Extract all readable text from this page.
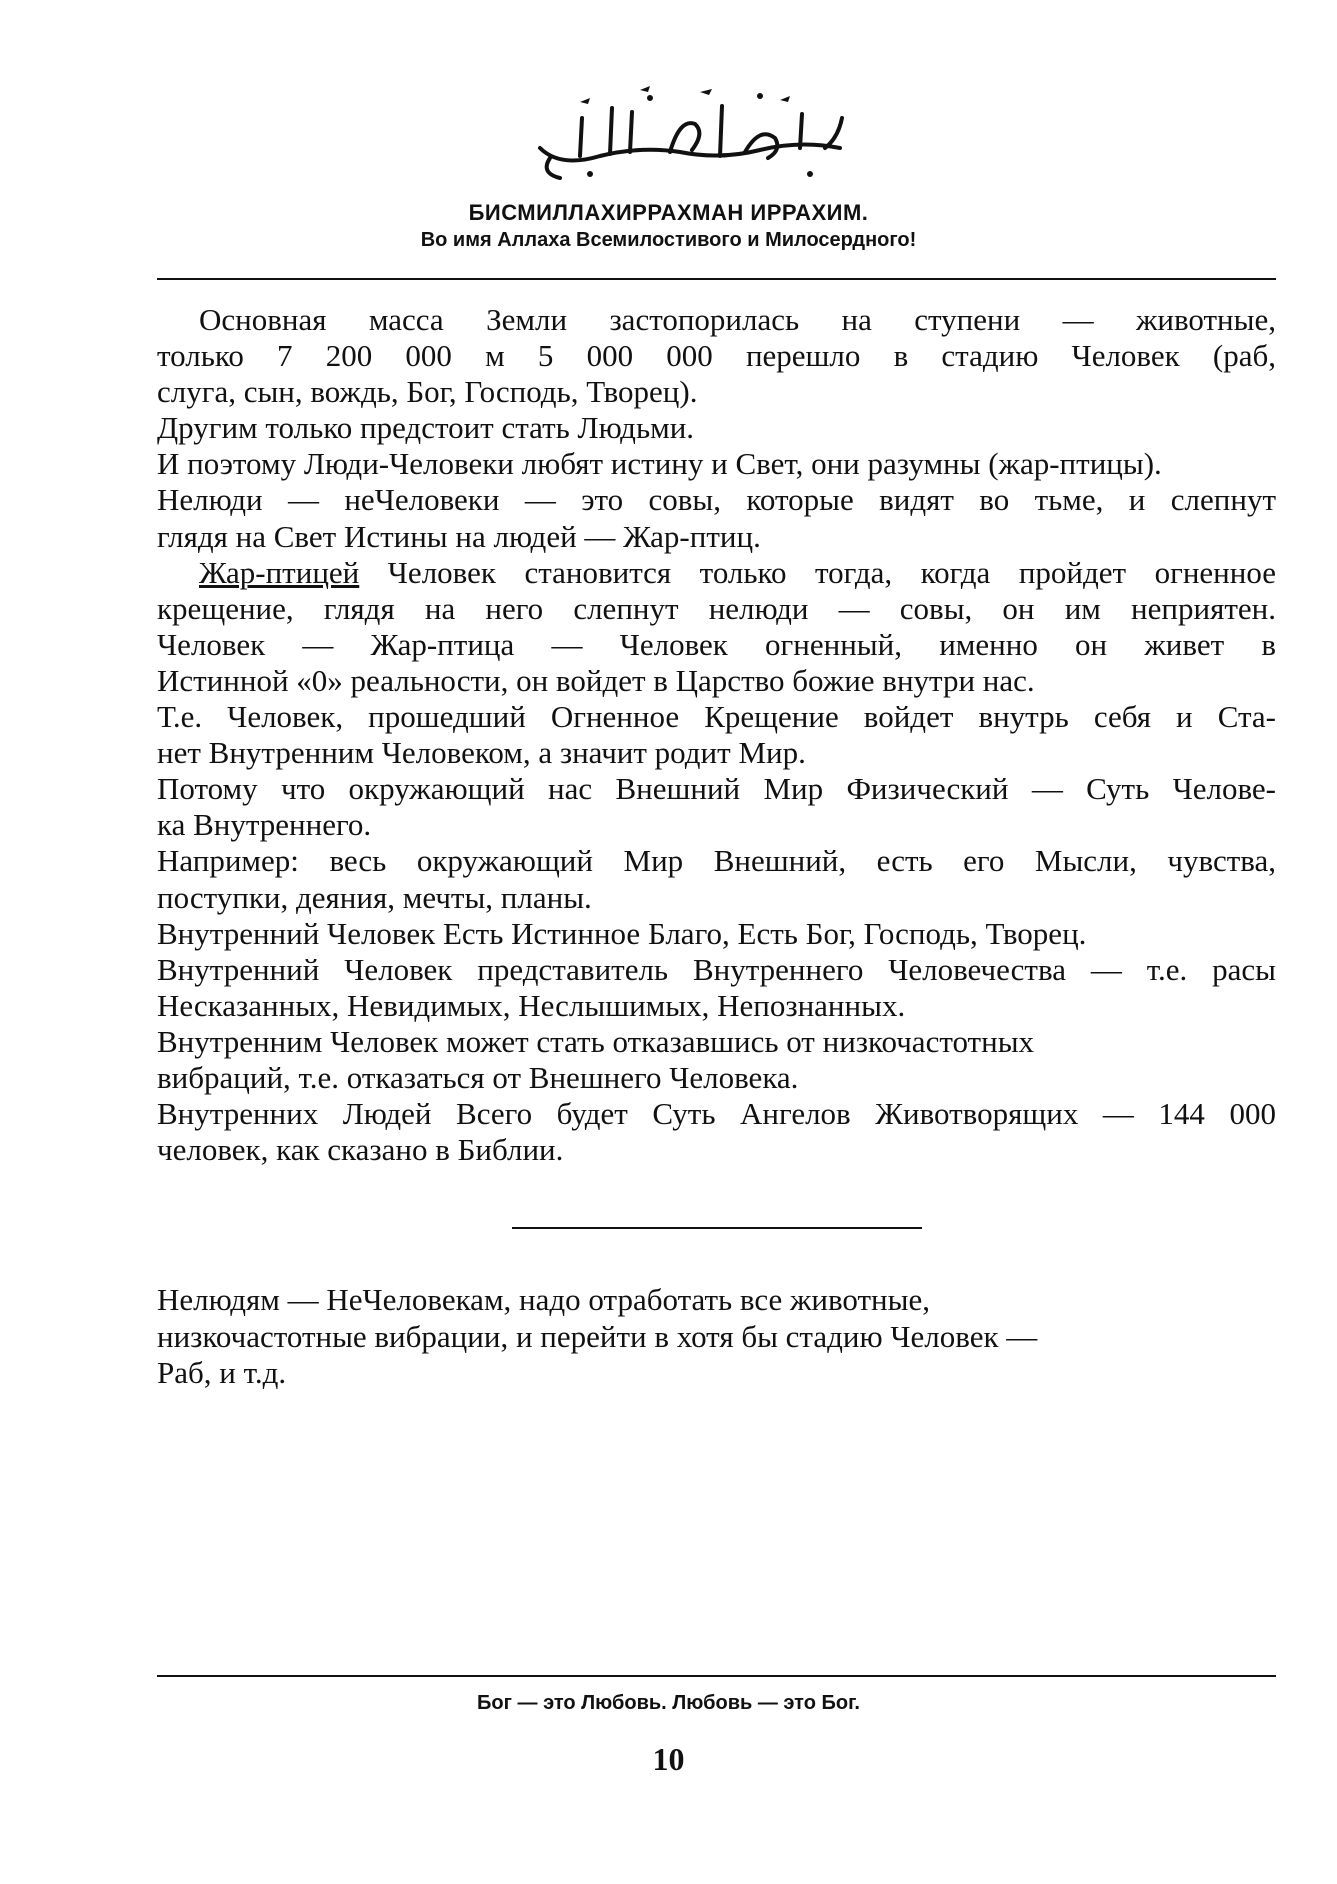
БИСМИЛЛАХИРРАХМАН ИРРАХИМ.
Во имя Аллаха Всемилостивого и Милосердного!

Основная масса Земли застопорилась на ступени — животные,

только 7 200 000 м 5 000 000 перешло в стадию Человек (раб,

слуга, сын, вождь, Бог, Господь, Творец).

Другим только предстоит стать Людьми.

И поэтому Люди-Человеки любят истину и Свет, они разумны (жар-птицы).

Нелюди — неЧеловеки — это совы, которые видят во тьме, и слепнут

глядя на Свет Истины на людей — Жар-птиц.

Жар-птицей Человек становится только тогда, когда пройдет огненное

крещение, глядя на него слепнут нелюди — совы, он им неприятен.

Человек — Жар-птица — Человек огненный, именно он живет в

Истинной «0» реальности, он войдет в Царство божие внутри нас.

Т.е. Человек, прошедший Огненное Крещение войдет внутрь себя и Ста-

нет Внутренним Человеком, а значит родит Мир.

Потому что окружающий нас Внешний Мир Физический — Суть Челове-

ка Внутреннего.

Например: весь окружающий Мир Внешний, есть его Мысли, чувства,

поступки, деяния, мечты, планы.

Внутренний Человек Есть Истинное Благо, Есть Бог, Господь, Творец.

Внутренний Человек представитель Внутреннего Человечества — т.е. расы

Несказанных, Невидимых, Неслышимых, Непознанных.

Внутренним Человек может стать отказавшись от низкочастотных

вибраций, т.е. отказаться от Внешнего Человека.

Внутренних Людей Всего будет Суть Ангелов Животворящих — 144 000

человек, как сказано в Библии.

Нелюдям — НеЧеловекам, надо отработать все животные,

низкочастотные вибрации, и перейти в хотя бы стадию Человек —

Раб, и т.д.

Бог — это Любовь. Любовь — это Бог.
10
